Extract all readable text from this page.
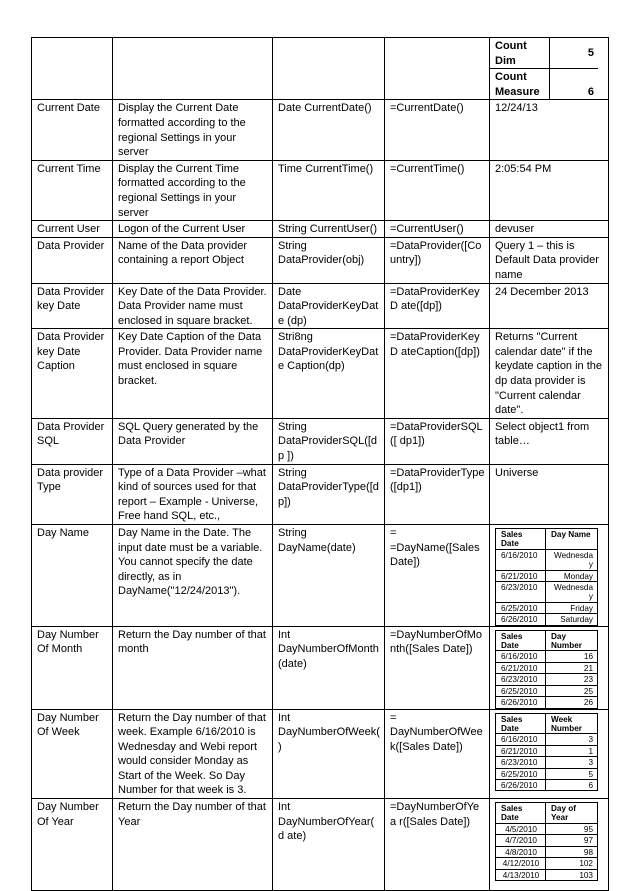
Count Dim	5
Count Measure	6

Current Date	Display the Current Date formatted according to the regional Settings in your server	Date CurrentDate()	=CurrentDate()	12/24/13
Current Time	Display the Current Time formatted according to the regional Settings in your server	Time CurrentTime()	=CurrentTime()	2:05:54 PM
Current User	Logon of the Current User	String CurrentUser()	=CurrentUser()	devuser
Data Provider	Name of the Data provider containing a report Object	String DataProvider(obj)	=DataProvider([Co untry])	Query 1 – this is Default Data provider name
Data Provider key Date	Key Date of the Data Provider. Data Provider name must enclosed in square bracket.	Date DataProviderKeyDate (dp)	=DataProviderKeyD ate([dp])	24 December 2013
Data Provider key Date Caption	Key Date Caption of the Data Provider. Data Provider name must enclosed in square bracket.	Stri8ng DataProviderKeyDate Caption(dp)	=DataProviderKeyD ateCaption([dp])	Returns "Current calendar date" if the keydate caption in the dp data provider is "Current calendar date".
Data Provider SQL	SQL Query generated by the Data Provider	String DataProviderSQL([dp ])	=DataProviderSQL([ dp1])	Select object1 from table…
Data provider Type	Type of a Data Provider –what kind of sources used for that report – Example - Universe, Free hand SQL, etc.,	String DataProviderType([d p])	=DataProviderType ([dp1])	Universe
Day Name	Day Name in the Date. The input date must be a variable. You cannot specify the date directly, as in DayName("12/24/2013").	String DayName(date)	= =DayName([Sales Date])	
Sales Date	Day Name
6/16/2010	Wednesday
6/21/2010	Monday
6/23/2010	Wednesday
6/25/2010	Friday
6/26/2010	Saturday

Day Number Of Month	Return the Day number of that month	Int DayNumberOfMonth (date)	=DayNumberOfMo nth([Sales Date])	
Sales Date	Day Number
6/16/2010	16
6/21/2010	21
6/23/2010	23
6/25/2010	25
6/26/2010	26

Day Number Of Week	Return the Day number of that week. Example 6/16/2010 is Wednesday and Webi report would consider Monday as Start of the Week. So Day Number for that week is 3.	Int DayNumberOfWeek()	= DayNumberOfWee k([Sales Date])	
Sales Date	Week Number
6/16/2010	3
6/21/2010	1
6/23/2010	3
6/25/2010	5
6/26/2010	6

Day Number Of Year	Return the Day number of that Year	Int DayNumberOfYear(d ate)	=DayNumberOfYea r([Sales Date])	
Sales Date	Day of Year
4/5/2010	95
4/7/2010	97
4/8/2010	98
4/12/2010	102
4/13/2010	103
